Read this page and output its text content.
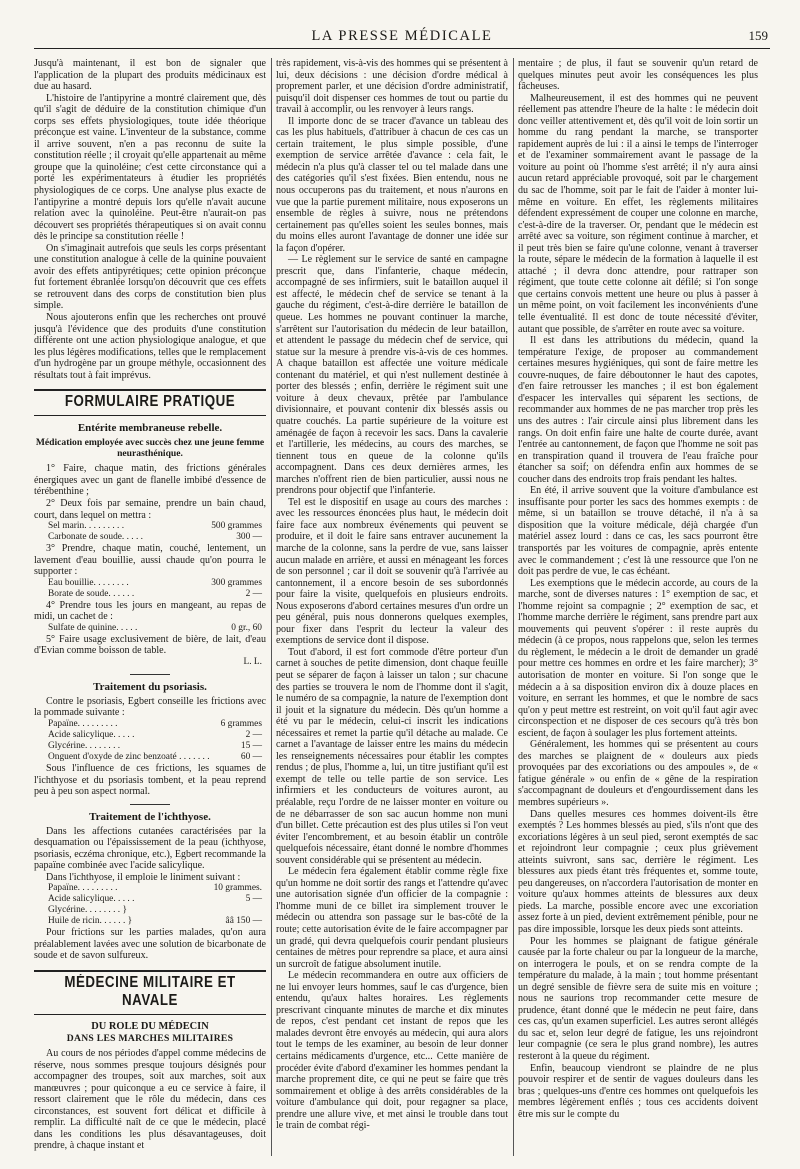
LA PRESSE MÉDICALE	159

Jusqu'à maintenant, il est bon de signaler que l'application de la plupart des produits médicinaux est due au hasard.

L'histoire de l'antipyrine a montré clairement que, dès qu'il s'agit de déduire de la constitution chimique d'un corps ses effets physiologiques, toute idée théorique préconçue est vaine. L'inventeur de la substance, comme il arrive souvent, n'en a pas reconnu de suite la constitution réelle ; il croyait qu'elle appartenait au même groupe que la quinoléine; c'est cette circonstance qui a porté les expérimentateurs à étudier les propriétés physiologiques de ce corps. Une analyse plus exacte de l'antipyrine a montré depuis lors qu'elle n'avait aucune relation avec la quinoléine. Peut-être n'aurait-on pas découvert ses propriétés thérapeutiques si on avait connu dès le principe sa constitution réelle !

On s'imaginait autrefois que seuls les corps présentant une constitution analogue à celle de la quinine pouvaient avoir des effets antipyrétiques; cette opinion préconçue fut fortement ébranlée lorsqu'on découvrit que ces effets se retrouvent dans des corps de constitution bien plus simple.

Nous ajouterons enfin que les recherches ont prouvé jusqu'à l'évidence que des produits d'une constitution différente ont une action physiologique analogue, et que les plus légères modifications, telles que le remplacement d'un hydrogène par un groupe méthyle, occasionnent des résultats tout à fait imprévus.

FORMULAIRE PRATIQUE
Entérite membraneuse rebelle.
Médication employée avec succès chez une jeune femme neurasthénique.

1° Faire, chaque matin, des frictions générales énergiques avec un gant de flanelle imbibé d'essence de térébenthine ;

2° Deux fois par semaine, prendre un bain chaud, court, dans lequel on mettra :

Sel marin. . . . . . . . .	500 grammes
Carbonate de soude. . . . .	300 —

3° Prendre, chaque matin, couché, lentement, un lavement d'eau bouillie, aussi chaude qu'on pourra le supporter :

Eau bouillie. . . . . . . .	300 grammes
Borate de soude. . . . . .	2 —

4° Prendre tous les jours en mangeant, au repas de midi, un cachet de :

Sulfate de quinine. . . . .	0 gr., 60

5° Faire usage exclusivement de bière, de lait, d'eau d'Evian comme boisson de table.

L. L.
Traitement du psoriasis.

Contre le psoriasis, Egbert conseille les frictions avec la pommade suivante :

Papaïne. . . . . . . . .	6 grammes
Acide salicylique. . . . .	2 —
Glycérine. . . . . . . .	15 —
Onguent d'oxyde de zinc benzoaté . . . . . . .	60 —

Sous l'influence de ces frictions, les squames de l'ichthyose et du psoriasis tombent, et la peau reprend peu à peu son aspect normal.

Traitement de l'ichthyose.

Dans les affections cutanées caractérisées par la desquamation ou l'épaississement de la peau (ichthyose, psoriasis, eczéma chronique, etc.), Egbert recommande la papaïne combinée avec l'acide salicylique.

Dans l'ichthyose, il emploie le liniment suivant :

Papaïne. . . . . . . . .	10 grammes.
Acide salicylique. . . . .	5 —
Glycérine. . . . . . . . }
Huile de ricin. . . . . . }	ââ 150 —

Pour frictions sur les parties malades, qu'on aura préalablement lavées avec une solution de bicarbonate de soude et de savon sulfureux.

MÉDECINE MILITAIRE ET NAVALE
DU ROLE DU MÉDECIN
DANS LES MARCHES MILITAIRES

Au cours de nos périodes d'appel comme médecins de réserve, nous sommes presque toujours désignés pour accompagner des troupes, soit aux marches, soit aux manœuvres ; pour quiconque a eu ce service à faire, il ressort clairement que le rôle du médecin, dans ces circonstances, est souvent fort délicat et difficile à remplir. La difficulté naît de ce que le médecin, placé dans les conditions les plus désavantageuses, doit prendre, à chaque instant et

très rapidement, vis-à-vis des hommes qui se présentent à lui, deux décisions : une décision d'ordre médical à proprement parler, et une décision d'ordre administratif, puisqu'il doit dispenser ces hommes de tout ou partie du travail à accomplir, ou les renvoyer à leurs rangs.

Il importe donc de se tracer d'avance un tableau des cas les plus habituels, d'attribuer à chacun de ces cas un certain traitement, le plus simple possible, d'une exemption de service arrêtée d'avance : cela fait, le médecin n'a plus qu'à classer tel ou tel malade dans une des catégories qu'il s'est fixées. Bien entendu, nous ne nous occuperons pas du traitement, et nous n'aurons en vue que la partie purement militaire, nous exposerons un ensemble de règles à suivre, nous ne prétendons certainement pas qu'elles soient les seules bonnes, mais du moins elles auront l'avantage de donner une idée sur la façon d'opérer.

— Le règlement sur le service de santé en campagne prescrit que, dans l'infanterie, chaque médecin, accompagné de ses infirmiers, suit le bataillon auquel il est affecté, le médecin chef de service se tenant à la gauche du régiment, c'est-à-dire derrière le bataillon de queue. Les hommes ne pouvant continuer la marche, s'arrêtent sur l'autorisation du médecin de leur bataillon, et attendent le passage du médecin chef de service, qui statue sur la mesure à prendre vis-à-vis de ces hommes. A chaque bataillon est affectée une voiture médicale contenant du matériel, et qui n'est nullement destinée à porter des blessés ; enfin, derrière le régiment suit une voiture à deux chevaux, prêtée par l'ambulance divisionnaire, et pouvant contenir dix blessés assis ou quatre couchés. La partie supérieure de la voiture est aménagée de façon à recevoir les sacs. Dans la cavalerie et l'artillerie, les médecins, au cours des marches, se tiennent tous en queue de la colonne qu'ils accompagnent. Dans ces deux dernières armes, les marches n'offrent rien de bien particulier, aussi nous ne prendrons pour objectif que l'infanterie.

Tel est le dispositif en usage au cours des marches : avec les ressources énoncées plus haut, le médecin doit faire face aux nombreux événements qui peuvent se produire, et il doit le faire sans entraver aucunement la marche de la colonne, sans la perdre de vue, sans laisser aucun malade en arrière, et aussi en ménageant les forces de son personnel ; car il doit se souvenir qu'à l'arrivée au cantonnement, il a encore besoin de ses subordonnés pour faire la visite, quelquefois en plusieurs endroits. Nous exposerons d'abord certaines mesures d'un ordre un peu général, puis nous donnerons quelques exemples, pour fixer dans l'esprit du lecteur la valeur des exemptions de service dont il dispose.

Tout d'abord, il est fort commode d'être porteur d'un carnet à souches de petite dimension, dont chaque feuille peut se séparer de façon à laisser un talon ; sur chacune des parties se trouvera le nom de l'homme dont il s'agit, le numéro de sa compagnie, la nature de l'exemption dont il jouit et la signature du médecin. Dès qu'un homme a été vu par le médecin, celui-ci inscrit les indications nécessaires et remet la partie qu'il détache au malade. Ce carnet a l'avantage de laisser entre les mains du médecin les renseignements nécessaires pour établir les comptes rendus ; de plus, l'homme a, lui, un titre justifiant qu'il est exempt de telle ou telle partie de son service. Les infirmiers et les conducteurs de voitures auront, au préalable, reçu l'ordre de ne laisser monter en voiture ou de ne débarrasser de son sac aucun homme non muni d'un billet. Cette précaution est des plus utiles si l'on veut éviter l'encombrement, et au besoin établir un contrôle quelquefois nécessaire, étant donné le nombre d'hommes souvent considérable qui se présentent au médecin.

Le médecin fera également établir comme règle fixe qu'un homme ne doit sortir des rangs et l'attendre qu'avec une autorisation signée d'un officier de la compagnie : l'homme muni de ce billet ira simplement trouver le médecin ou attendra son passage sur le bas-côté de la route; cette autorisation évite de le faire accompagner par un gradé, qui devra quelquefois courir pendant plusieurs centaines de mètres pour reprendre sa place, et aura ainsi un surcroît de fatigue absolument inutile.

Le médecin recommandera en outre aux officiers de ne lui envoyer leurs hommes, sauf le cas d'urgence, bien entendu, qu'aux haltes horaires. Les règlements prescrivant cinquante minutes de marche et dix minutes de repos, c'est pendant cet instant de repos que les malades devront être envoyés au médecin, qui aura alors tout le temps de les examiner, au besoin de leur donner certains médicaments d'urgence, etc... Cette manière de procéder évite d'abord d'examiner les hommes pendant la marche proprement dite, ce qui ne peut se faire que très sommairement et oblige à des arrêts considérables de la voiture d'ambulance qui doit, pour regagner sa place, prendre une allure vive, et met ainsi le trouble dans tout le train de combat régi-

mentaire ; de plus, il faut se souvenir qu'un retard de quelques minutes peut avoir les conséquences les plus fâcheuses.

Malheureusement, il est des hommes qui ne peuvent réellement pas attendre l'heure de la halte : le médecin doit donc veiller attentivement et, dès qu'il voit de loin sortir un homme du rang pendant la marche, se transporter rapidement auprès de lui : il a ainsi le temps de l'interroger et de l'examiner sommairement avant le passage de la voiture au point où l'homme s'est arrêté; il n'y aura ainsi aucun retard appréciable provoqué, soit par le chargement du sac de l'homme, soit par le fait de l'aider à monter lui-même en voiture. En effet, les règlements militaires défendent expressément de couper une colonne en marche, c'est-à-dire de la traverser. Or, pendant que le médecin est arrêté avec sa voiture, son régiment continue à marcher, et il peut très bien se faire qu'une colonne, venant à traverser la route, sépare le médecin de la formation à laquelle il est attaché ; il devra donc attendre, pour rattraper son régiment, que toute cette colonne ait défilé; si l'on songe que certains convois mettent une heure ou plus à passer à un même point, on voit facilement les inconvénients d'une telle éventualité. Il est donc de toute nécessité d'éviter, autant que possible, de s'arrêter en route avec sa voiture.

Il est dans les attributions du médecin, quand la température l'exige, de proposer au commandement certaines mesures hygiéniques, qui sont de faire mettre les couvre-nuques, de faire déboutonner le haut des capotes, d'en faire retrousser les manches ; il est bon également d'espacer les intervalles qui séparent les sections, de recommander aux hommes de ne pas marcher trop près les uns des autres : l'air circule ainsi plus librement dans les rangs. On doit enfin faire une halte de courte durée, avant l'entrée au cantonnement, de façon que l'homme ne soit pas en transpiration quand il trouvera de l'eau fraîche pour étancher sa soif; on défendra enfin aux hommes de se coucher dans des endroits trop frais pendant les haltes.

En été, il arrive souvent que la voiture d'ambulance est insuffisante pour porter les sacs des hommes exempts : de même, si un bataillon se trouve détaché, il n'a à sa disposition que la voiture médicale, déjà chargée d'un matériel assez lourd : dans ce cas, les sacs pourront être transportés par les voitures de compagnie, après entente avec le commandement ; c'est là une ressource que l'on ne doit pas perdre de vue, le cas échéant.

Les exemptions que le médecin accorde, au cours de la marche, sont de diverses natures : 1° exemption de sac, et l'homme rejoint sa compagnie ; 2° exemption de sac, et l'homme marche derrière le régiment, sans prendre part aux mouvements qui peuvent s'opérer : il reste auprès du médecin (à ce propos, nous rappelons que, selon les termes du règlement, le médecin a le droit de demander un gradé pour mettre ces hommes en ordre et les faire marcher); 3° autorisation de monter en voiture. Si l'on songe que le médecin a à sa disposition environ dix à douze places en voiture, en serrant les hommes, et que le nombre de sacs qu'on y peut mettre est restreint, on voit qu'il faut agir avec circonspection et ne disposer de ces secours qu'à très bon escient, de façon à soulager les plus fortement atteints.

Généralement, les hommes qui se présentent au cours des marches se plaignent de « douleurs aux pieds provoquées par des excoriations ou des ampoules », de « fatigue générale » ou enfin de « gêne de la respiration s'accompagnant de douleurs et d'engourdissement dans les membres supérieurs ».

Dans quelles mesures ces hommes doivent-ils être exemptés ? Les hommes blessés au pied, s'ils n'ont que des excoriations légères à un seul pied, seront exemptés de sac et rejoindront leur compagnie ; ceux plus grièvement atteints suivront, sans sac, derrière le régiment. Les blessures aux pieds étant très fréquentes et, somme toute, peu dangereuses, on n'accordera l'autorisation de monter en voiture qu'aux hommes atteints de blessures aux deux pieds. La marche, possible encore avec une excoriation assez forte à un pied, devient extrêmement pénible, pour ne pas dire impossible, lorsque les deux pieds sont atteints.

Pour les hommes se plaignant de fatigue générale causée par la forte chaleur ou par la longueur de la marche, on interrogera le pouls, et on se rendra compte de la température du malade, à la main ; tout homme présentant un degré sensible de fièvre sera de suite mis en voiture ; nous ne saurions trop recommander cette mesure de prudence, étant donné que le médecin ne peut faire, dans ces cas, qu'un examen superficiel. Les autres seront allégés du sac et, selon leur degré de fatigue, les uns rejoindront leur compagnie (ce sera le plus grand nombre), les autres resteront à la queue du régiment.

Enfin, beaucoup viendront se plaindre de ne plus pouvoir respirer et de sentir de vagues douleurs dans les bras ; quelques-uns d'entre ces hommes ont quelquefois les membres légèrement enflés ; tous ces accidents doivent être mis sur le compte du
